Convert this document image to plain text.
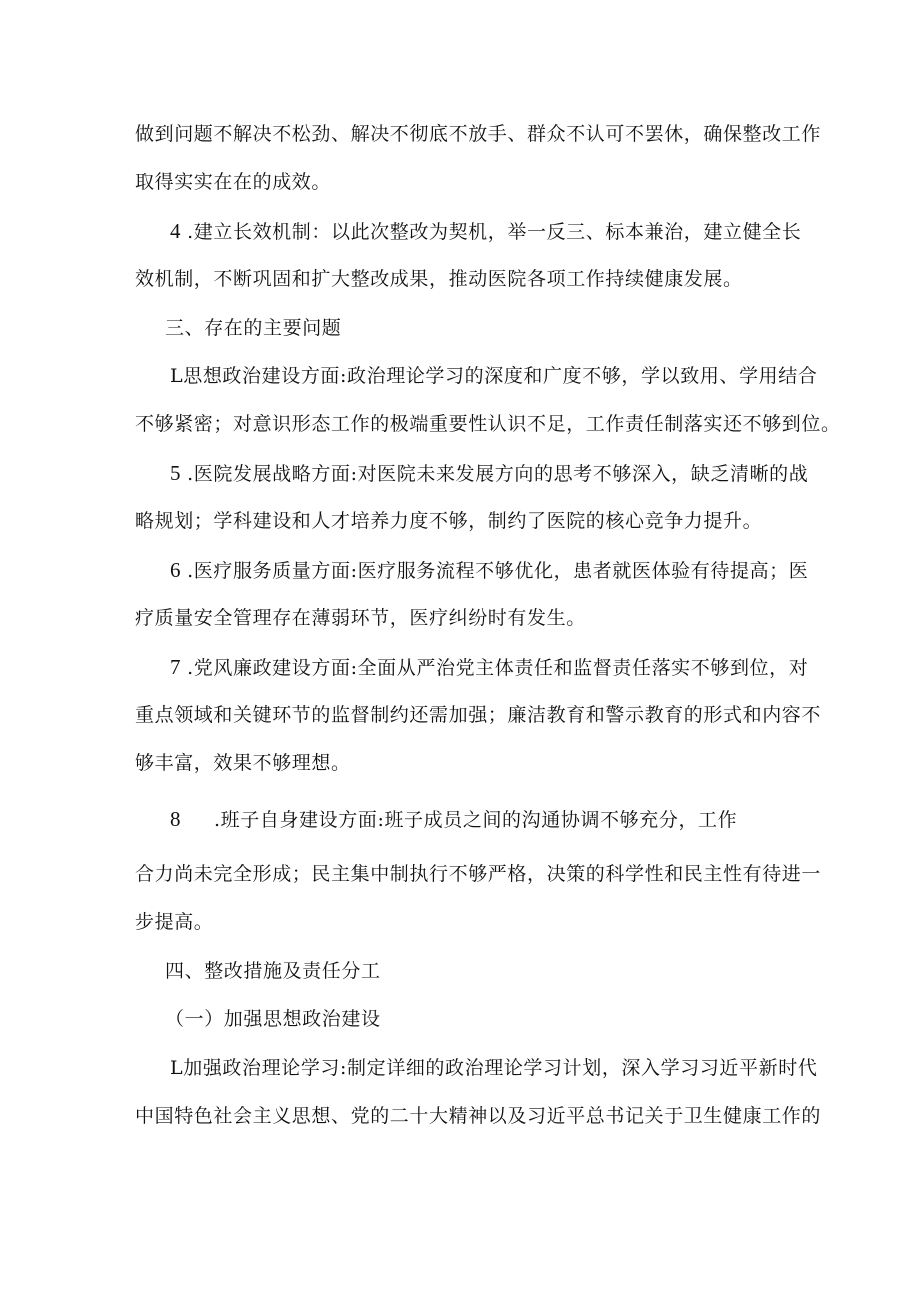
做到问题不解决不松劲、解决不彻底不放手、群众不认可不罢休，确保整改工作
取得实实在在的成效。
4 .建立长效机制：以此次整改为契机，举一反三、标本兼治，建立健全长
效机制，不断巩固和扩大整改成果，推动医院各项工作持续健康发展。
三、存在的主要问题
L思想政治建设方面:政治理论学习的深度和广度不够，学以致用、学用结合
不够紧密；对意识形态工作的极端重要性认识不足，工作责任制落实还不够到位。
5 .医院发展战略方面:对医院未来发展方向的思考不够深入，缺乏清晰的战
略规划；学科建设和人才培养力度不够，制约了医院的核心竞争力提升。
6 .医疗服务质量方面:医疗服务流程不够优化，患者就医体验有待提高；医
疗质量安全管理存在薄弱环节，医疗纠纷时有发生。
7 .党风廉政建设方面:全面从严治党主体责任和监督责任落实不够到位，对
重点领域和关键环节的监督制约还需加强；廉洁教育和警示教育的形式和内容不
够丰富，效果不够理想。
8 .班子自身建设方面:班子成员之间的沟通协调不够充分，工作
合力尚未完全形成；民主集中制执行不够严格，决策的科学性和民主性有待进一
步提高。
四、整改措施及责任分工
（一）加强思想政治建设
L加强政治理论学习:制定详细的政治理论学习计划，深入学习习近平新时代
中国特色社会主义思想、党的二十大精神以及习近平总书记关于卫生健康工作的
